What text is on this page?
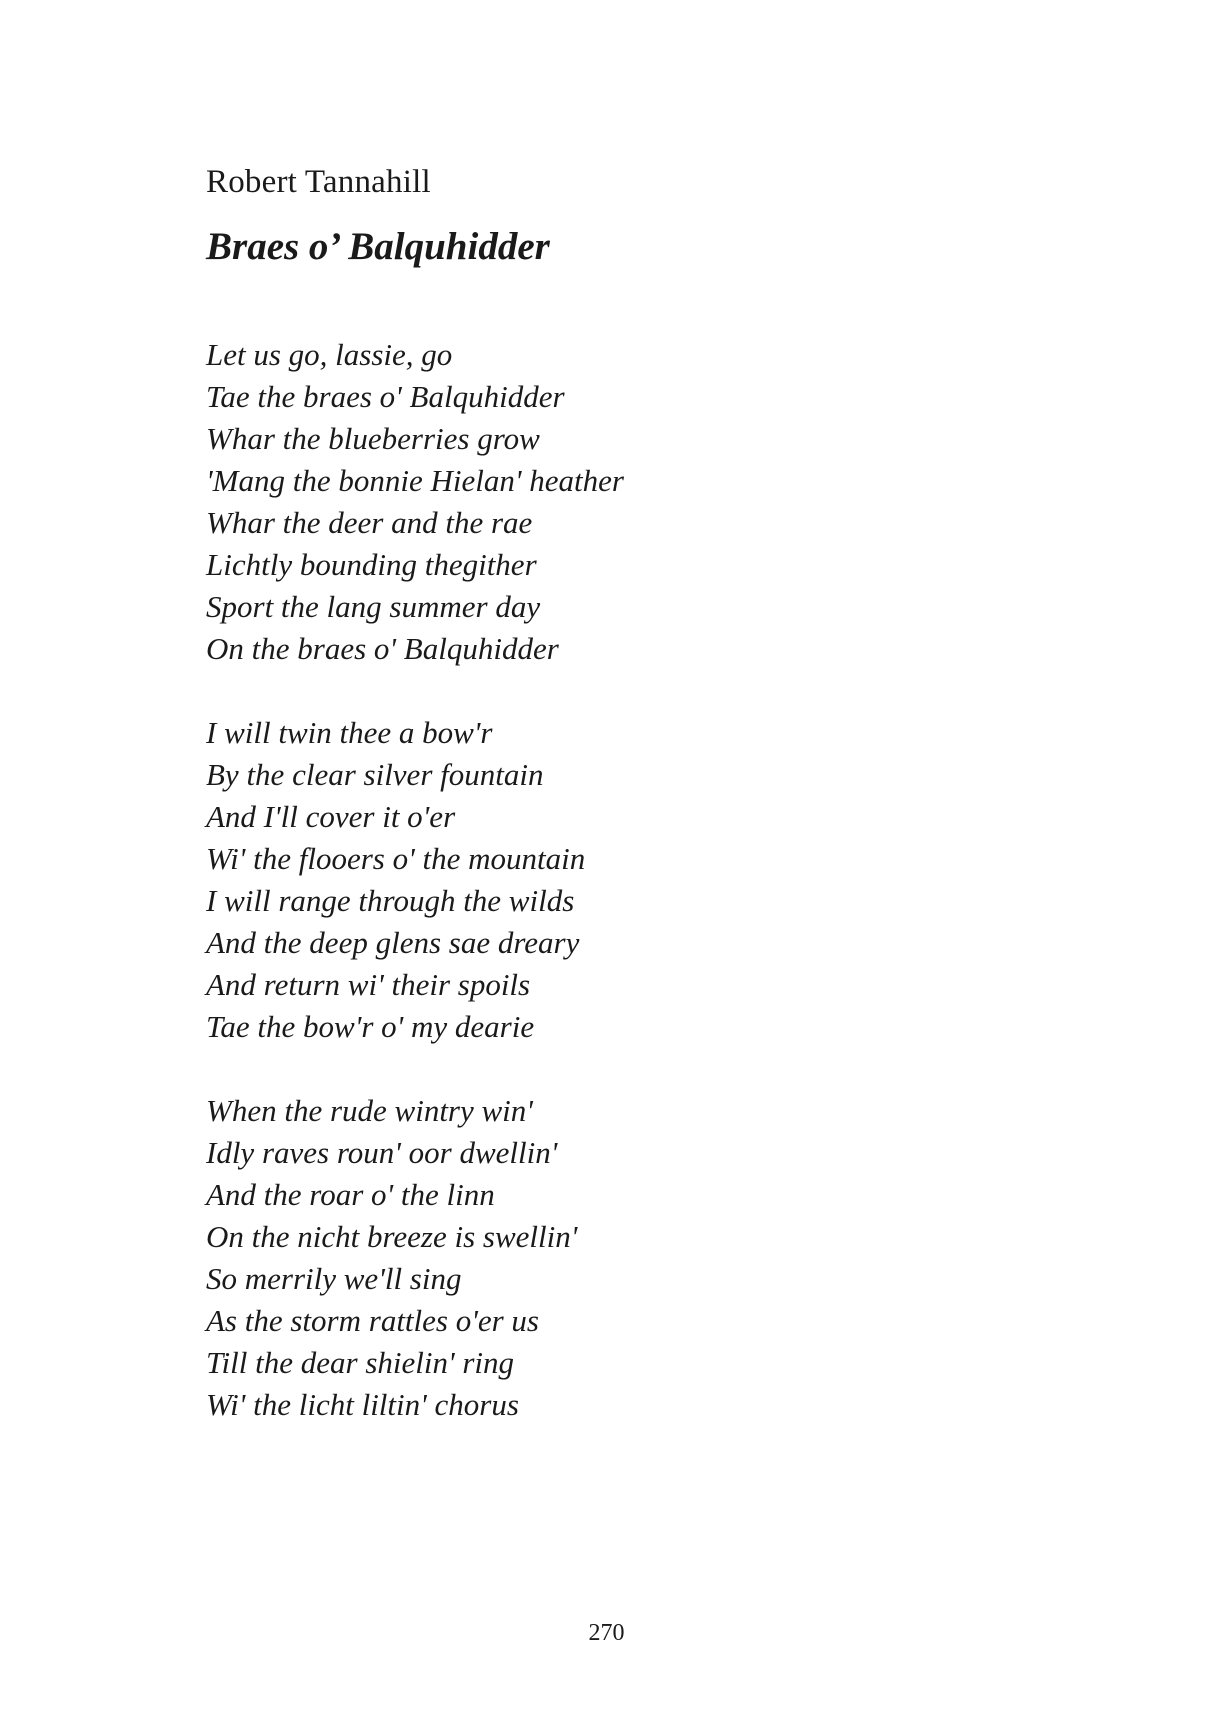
Robert Tannahill
Braes o’ Balquhidder
Let us go, lassie, go
Tae the braes o' Balquhidder
Whar the blueberries grow
'Mang the bonnie Hielan' heather
Whar the deer and the rae
Lichtly bounding thegither
Sport the lang summer day
On the braes o' Balquhidder
I will twin thee a bow'r
By the clear silver fountain
And I'll cover it o'er
Wi' the flooers o' the mountain
I will range through the wilds
And the deep glens sae dreary
And return wi' their spoils
Tae the bow'r o' my dearie
When the rude wintry win'
Idly raves roun' oor dwellin'
And the roar o' the linn
On the nicht breeze is swellin'
So merrily we'll sing
As the storm rattles o'er us
Till the dear shielin' ring
Wi' the licht liltin' chorus
270
